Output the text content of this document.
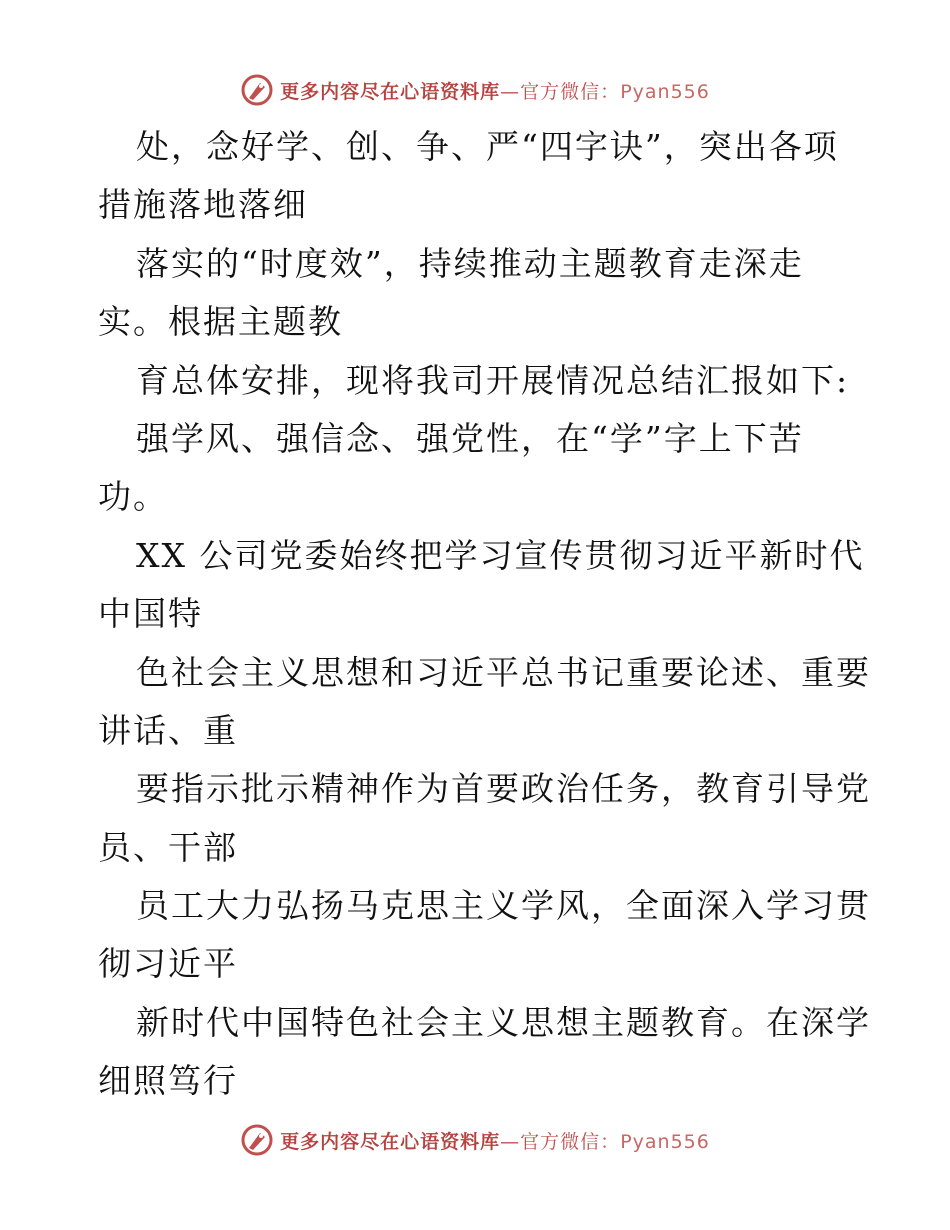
更多内容尽在心语资料库—官方微信：Pyan556
处，念好学、创、争、严“四字诀”，突出各项
措施落地落细
落实的“时度效”，持续推动主题教育走深走
实。根据主题教
育总体安排，现将我司开展情况总结汇报如下:
强学风、强信念、强党性，在“学”字上下苦
功。
XX 公司党委始终把学习宣传贯彻习近平新时代
中国特
色社会主义思想和习近平总书记重要论述、重要
讲话、重
要指示批示精神作为首要政治任务，教育引导党
员、干部
员工大力弘扬马克思主义学风，全面深入学习贯
彻习近平
新时代中国特色社会主义思想主题教育。在深学
细照笃行
更多内容尽在心语资料库—官方微信：Pyan556
